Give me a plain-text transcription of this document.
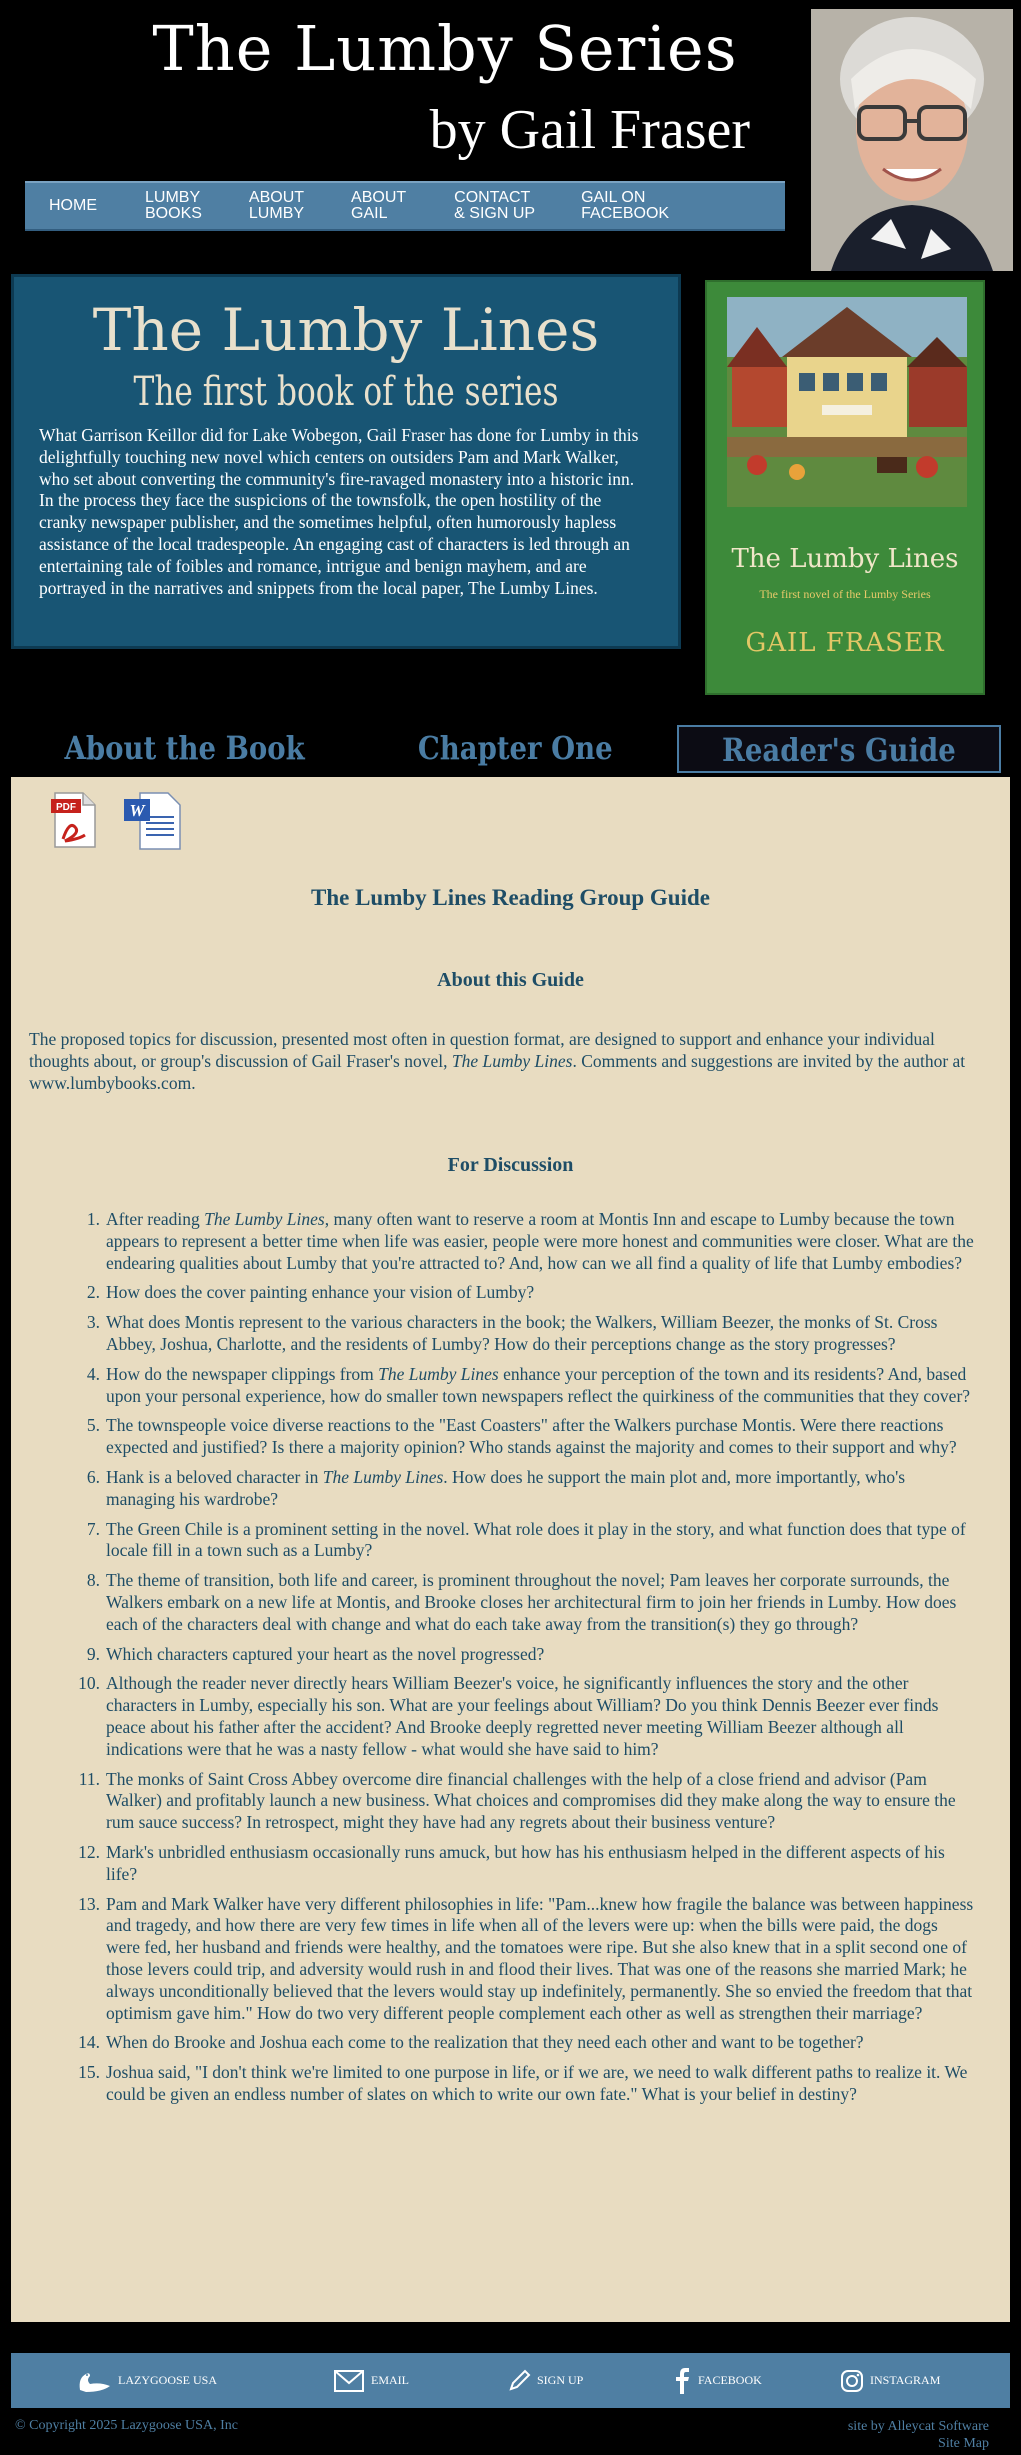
The Lumby Series
by Gail Fraser
HOME	LUMBY
BOOKS
ABOUT
LUMBY
ABOUT
GAIL
CONTACT
& SIGN UP
GAIL ON
FACEBOOK
The Lumby Lines
The first book of the series
What Garrison Keillor did for Lake Wobegon, Gail Fraser has done for Lumby in this delightfully touching new novel which centers on outsiders Pam and Mark Walker, who set about converting the community's fire-ravaged monastery into a historic inn. In the process they face the suspicions of the townsfolk, the open hostility of the cranky newspaper publisher, and the sometimes helpful, often humorously hapless assistance of the local tradespeople. An engaging cast of characters is led through an entertaining tale of foibles and romance, intrigue and benign mayhem, and are portrayed in the narratives and snippets from the local paper, The Lumby Lines.
The Lumby Lines
The first novel of the Lumby Series
GAIL FRASER
About the Book	Chapter One	Reader's Guide
PDF	W
The Lumby Lines Reading Group Guide
About this Guide
The proposed topics for discussion, presented most often in question format, are designed to support and enhance your individual thoughts about, or group's discussion of Gail Fraser's novel, The Lumby Lines. Comments and suggestions are invited by the author at www.lumbybooks.com.
For Discussion
1. After reading The Lumby Lines, many often want to reserve a room at Montis Inn and escape to Lumby because the town appears to represent a better time when life was easier, people were more honest and communities were closer. What are the endearing qualities about Lumby that you're attracted to? And, how can we all find a quality of life that Lumby embodies?
2. How does the cover painting enhance your vision of Lumby?
3. What does Montis represent to the various characters in the book; the Walkers, William Beezer, the monks of St. Cross Abbey, Joshua, Charlotte, and the residents of Lumby? How do their perceptions change as the story progresses?
4. How do the newspaper clippings from The Lumby Lines enhance your perception of the town and its residents? And, based upon your personal experience, how do smaller town newspapers reflect the quirkiness of the communities that they cover?
5. The townspeople voice diverse reactions to the "East Coasters" after the Walkers purchase Montis. Were there reactions expected and justified? Is there a majority opinion? Who stands against the majority and comes to their support and why?
6. Hank is a beloved character in The Lumby Lines. How does he support the main plot and, more importantly, who's managing his wardrobe?
7. The Green Chile is a prominent setting in the novel. What role does it play in the story, and what function does that type of locale fill in a town such as a Lumby?
8. The theme of transition, both life and career, is prominent throughout the novel; Pam leaves her corporate surrounds, the Walkers embark on a new life at Montis, and Brooke closes her architectural firm to join her friends in Lumby. How does each of the characters deal with change and what do each take away from the transition(s) they go through?
9. Which characters captured your heart as the novel progressed?
10. Although the reader never directly hears William Beezer's voice, he significantly influences the story and the other characters in Lumby, especially his son. What are your feelings about William? Do you think Dennis Beezer ever finds peace about his father after the accident? And Brooke deeply regretted never meeting William Beezer although all indications were that he was a nasty fellow - what would she have said to him?
11. The monks of Saint Cross Abbey overcome dire financial challenges with the help of a close friend and advisor (Pam Walker) and profitably launch a new business. What choices and compromises did they make along the way to ensure the rum sauce success? In retrospect, might they have had any regrets about their business venture?
12. Mark's unbridled enthusiasm occasionally runs amuck, but how has his enthusiasm helped in the different aspects of his life?
13. Pam and Mark Walker have very different philosophies in life: "Pam...knew how fragile the balance was between happiness and tragedy, and how there are very few times in life when all of the levers were up: when the bills were paid, the dogs were fed, her husband and friends were healthy, and the tomatoes were ripe. But she also knew that in a split second one of those levers could trip, and adversity would rush in and flood their lives. That was one of the reasons she married Mark; he always unconditionally believed that the levers would stay up indefinitely, permanently. She so envied the freedom that that optimism gave him." How do two very different people complement each other as well as strengthen their marriage?
14. When do Brooke and Joshua each come to the realization that they need each other and want to be together?
15. Joshua said, "I don't think we're limited to one purpose in life, or if we are, we need to walk different paths to realize it. We could be given an endless number of slates on which to write our own fate." What is your belief in destiny?
LAZYGOOSE USA	EMAIL	SIGN UP	FACEBOOK	INSTAGRAM
© Copyright 2025 Lazygoose USA, Inc	site by Alleycat Software
Site Map
